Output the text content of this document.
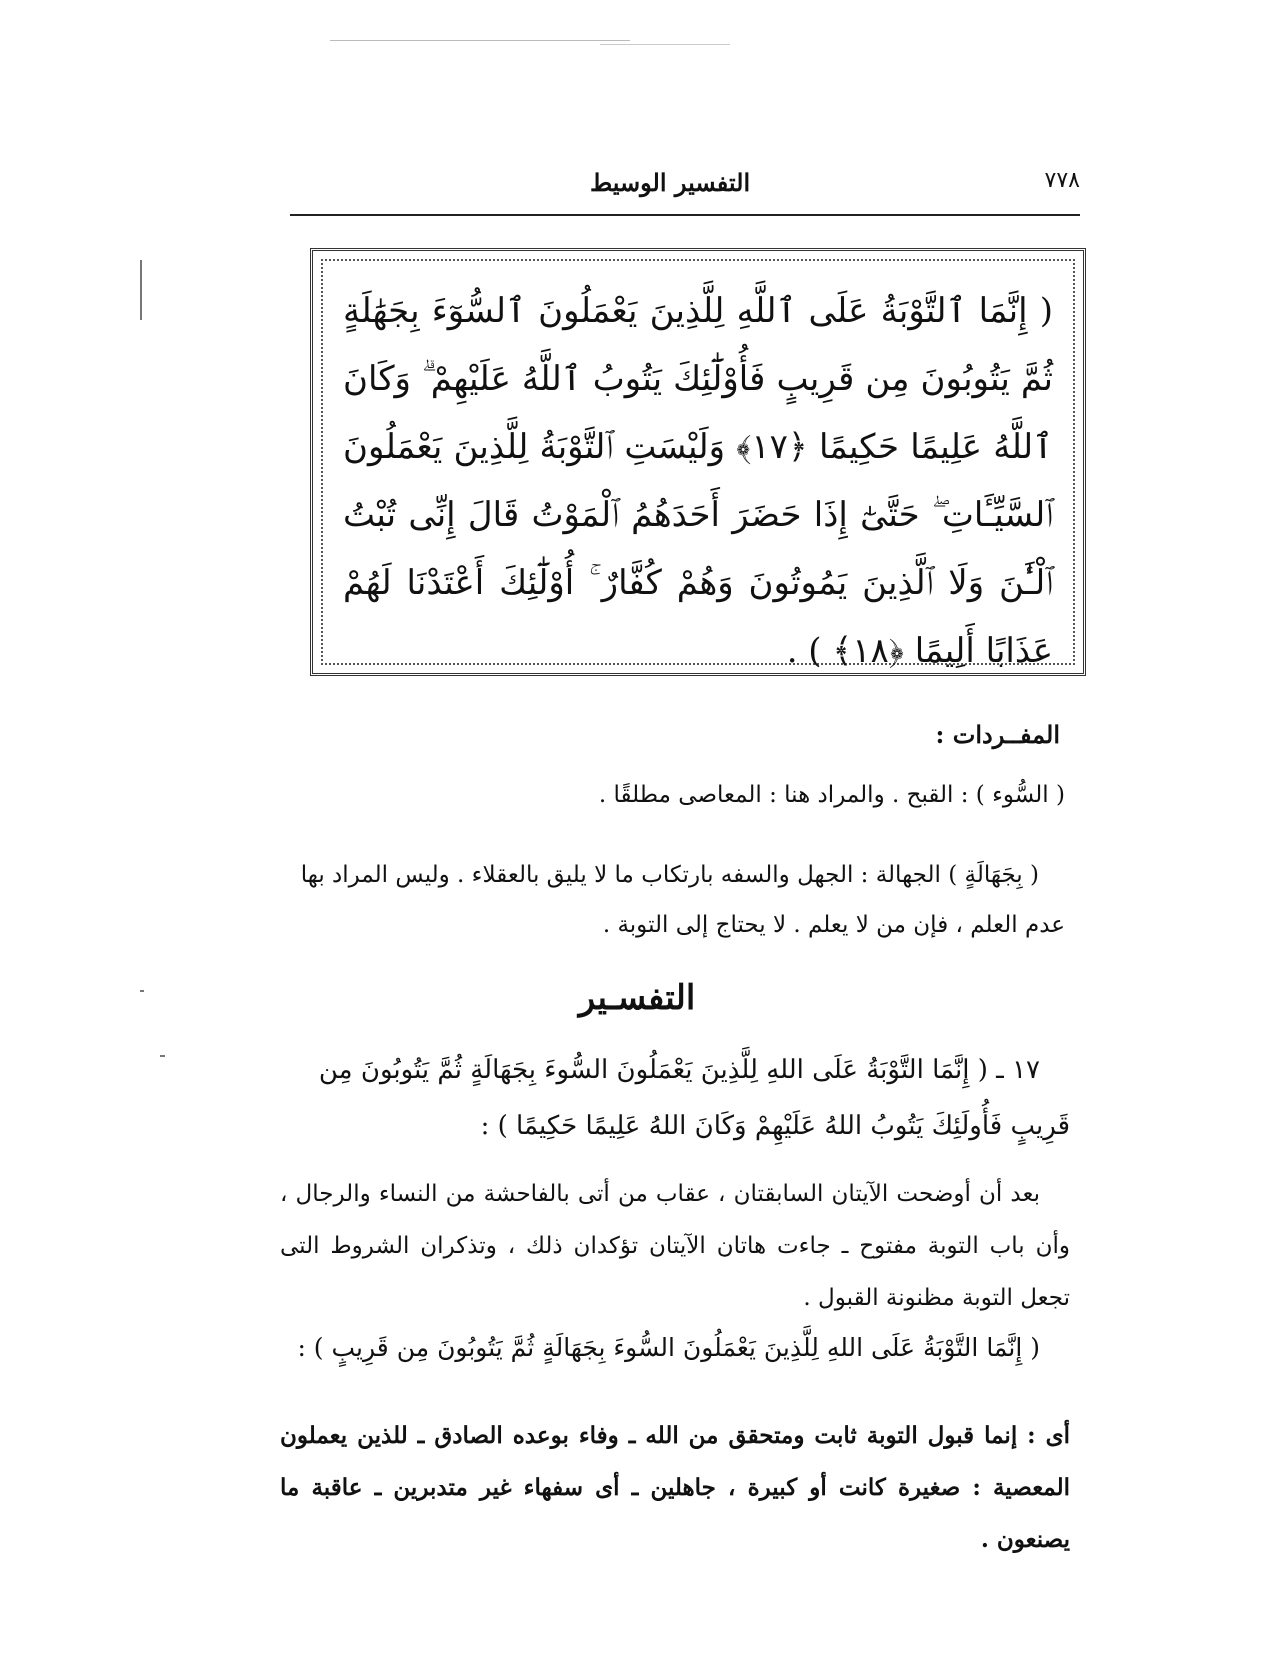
٧٧٨
التفسير الوسيط
( إِنَّمَا ٱلتَّوْبَةُ عَلَى ٱللَّهِ لِلَّذِينَ يَعْمَلُونَ ٱلسُّوٓءَ بِجَهَٰلَةٍ ثُمَّ يَتُوبُونَ مِن قَرِيبٍ فَأُوْلَٰٓئِكَ يَتُوبُ ٱللَّهُ عَلَيْهِمْ ۗ وَكَانَ ٱللَّهُ عَلِيمًا حَكِيمًا ﴿١٧﴾ وَلَيْسَتِ ٱلتَّوْبَةُ لِلَّذِينَ يَعْمَلُونَ ٱلسَّيِّـَٔاتِ ۖ حَتَّىٰٓ إِذَا حَضَرَ أَحَدَهُمُ ٱلْمَوْتُ قَالَ إِنِّى تُبْتُ ٱلْـَٰٔنَ وَلَا ٱلَّذِينَ يَمُوتُونَ وَهُمْ كُفَّارٌ ۚ أُوْلَٰٓئِكَ أَعْتَدْنَا لَهُمْ عَذَابًا أَلِيمًا ﴿١٨﴾ ) .
المفــردات :
( السُّوء ) : القبح . والمراد هنا : المعاصى مطلقًا .
( بِجَهَالَةٍ ) الجهالة : الجهل والسفه بارتكاب ما لا يليق بالعقلاء . وليس المراد بها عدم العلم ، فإن من لا يعلم . لا يحتاج إلى التوبة .
التفسـير
١٧ ـ ( إِنَّمَا التَّوْبَةُ عَلَى اللهِ لِلَّذِينَ يَعْمَلُونَ السُّوءَ بِجَهَالَةٍ ثُمَّ يَتُوبُونَ مِن قَرِيبٍ فَأُولَئِكَ يَتُوبُ اللهُ عَلَيْهِمْ وَكَانَ اللهُ عَلِيمًا حَكِيمًا ) :
بعد أن أوضحت الآيتان السابقتان ، عقاب من أتى بالفاحشة من النساء والرجال ، وأن باب التوبة مفتوح ـ جاءت هاتان الآيتان تؤكدان ذلك ، وتذكران الشروط التى تجعل التوبة مظنونة القبول .
( إِنَّمَا التَّوْبَةُ عَلَى اللهِ لِلَّذِينَ يَعْمَلُونَ السُّوءَ بِجَهَالَةٍ ثُمَّ يَتُوبُونَ مِن قَرِيبٍ ) :
أى : إنما قبول التوبة ثابت ومتحقق من الله ـ وفاء بوعده الصادق ـ للذين يعملون المعصية : صغيرة كانت أو كبيرة ، جاهلين ـ أى سفهاء غير متدبرين ـ عاقبة ما يصنعون .
